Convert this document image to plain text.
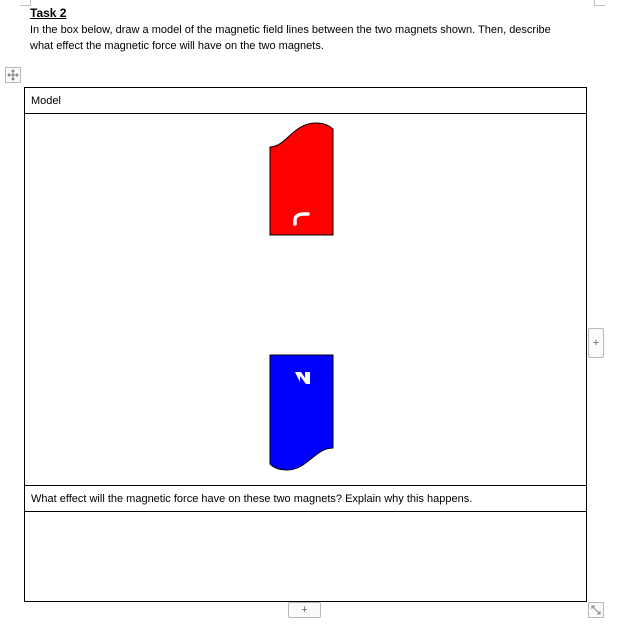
Task 2
In the box below, draw a model of the magnetic field lines between the two magnets shown. Then, describe what effect the magnetic force will have on the two magnets.
Model
What effect will the magnetic force have on these two magnets? Explain why this happens.
+
+
